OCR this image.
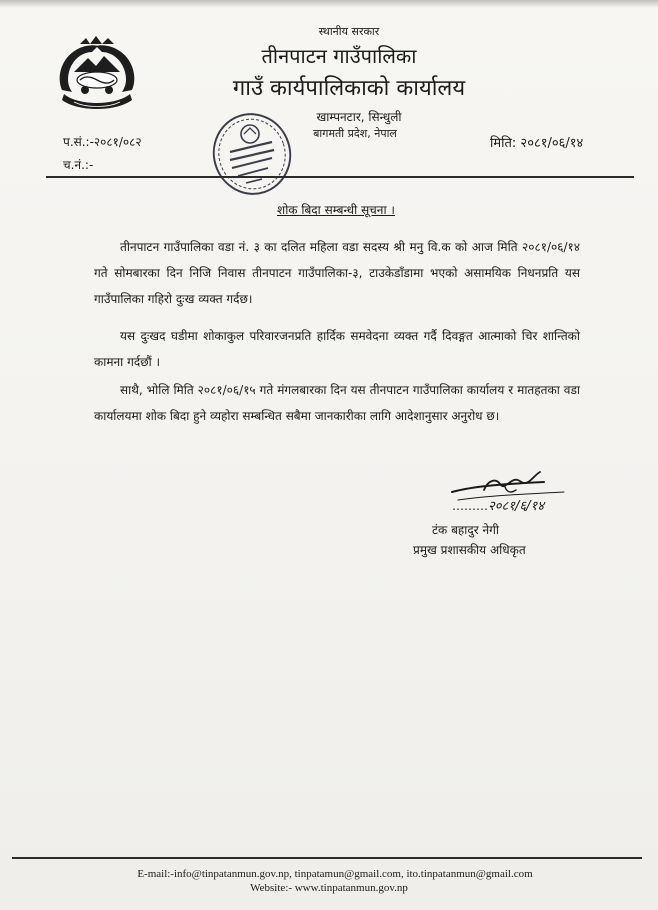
स्थानीय सरकार
तीनपाटन गाउँपालिका
गाउँ कार्यपालिकाको कार्यालय
खाम्पनटार, सिन्धुली
बागमती प्रदेश, नेपाल
प.सं.:-२०८१/०८२
च.नं.:-
मिति: २०८१/०६/१४
शोक बिदा सम्बन्धी सूचना ।
तीनपाटन गाउँपालिका वडा नं. ३ का दलित महिला वडा सदस्य श्री मनु वि.क को आज मिति २०८१/०६/१४ गते सोमबारका दिन निजि निवास तीनपाटन गाउँपालिका-३, टाउकेडाँडामा भएको असामयिक निधनप्रति यस गाउँपालिका गहिरो दुःख व्यक्त गर्दछ।
यस दुःखद घडीमा शोकाकुल परिवारजनप्रति हार्दिक समवेदना व्यक्त गर्दै दिवङ्गत आत्माको चिर शान्तिको कामना गर्दछौं ।
साथै, भोलि मिति २०८१/०६/१५ गते मंगलबारका दिन यस तीनपाटन गाउँपालिका कार्यालय र मातहतका वडा कार्यालयमा शोक बिदा हुने व्यहोरा सम्बन्धित सबैमा जानकारीका लागि आदेशानुसार अनुरोध छ।
………२०८१/६/१४
टंक बहादुर नेगी
प्रमुख प्रशासकीय अधिकृत
E-mail:-info@tinpatanmun.gov.np, tinpatamun@gmail.com, ito.tinpatanmun@gmail.com
Website:- www.tinpatanmun.gov.np
